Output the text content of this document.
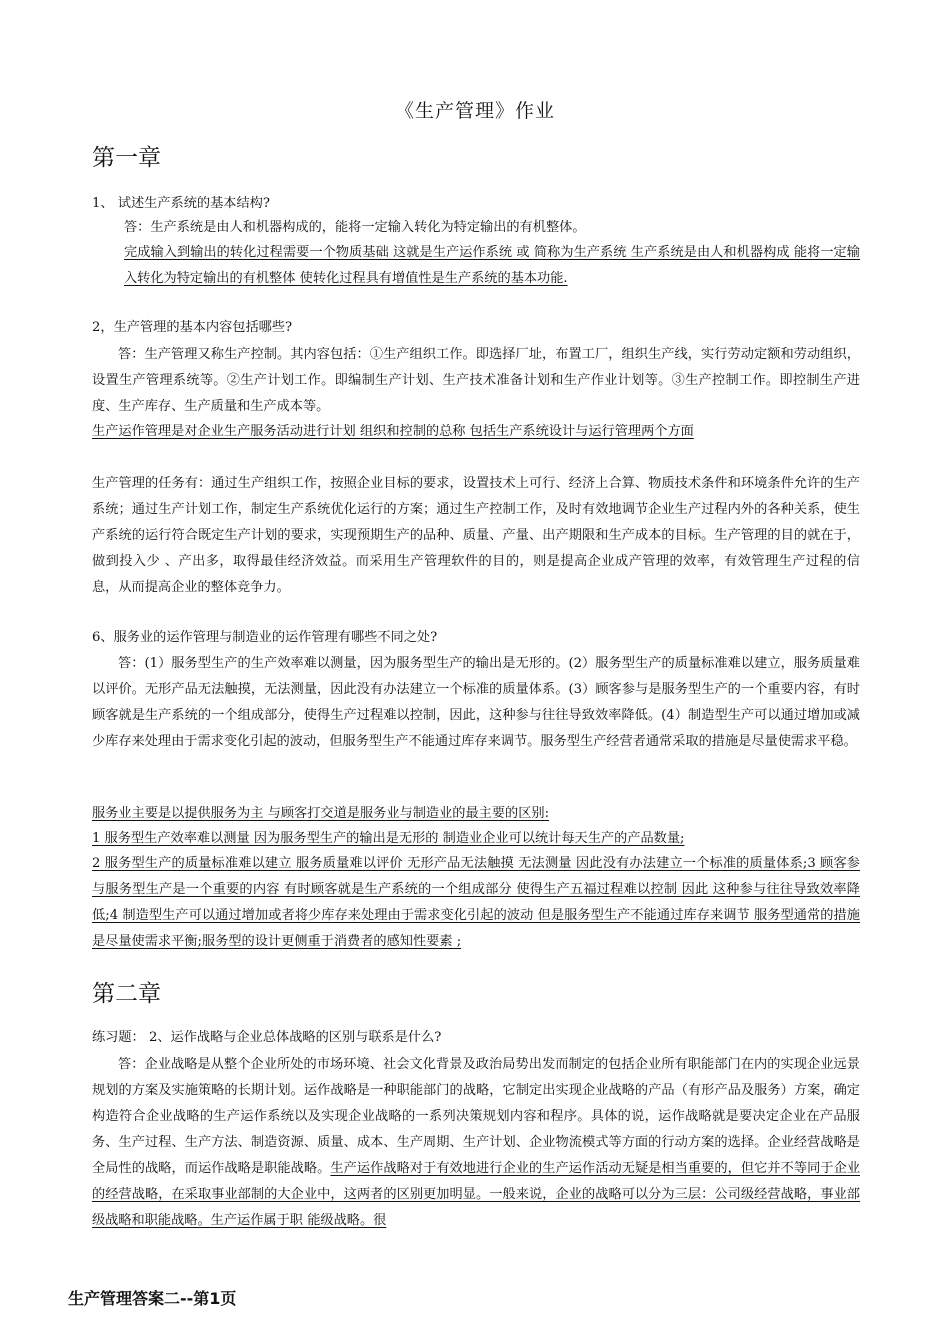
《生产管理》作业
第一章
1、 试述生产系统的基本结构?
答：生产系统是由人和机器构成的，能将一定输入转化为特定输出的有机整体。
完成输入到输出的转化过程需要一个物质基础 这就是生产运作系统 或 简称为生产系统 生产系统是由人和机器构成 能将一定输入转化为特定输出的有机整体 使转化过程具有增值性是生产系统的基本功能.
2，生产管理的基本内容包括哪些?
答：生产管理又称生产控制。其内容包括：①生产组织工作。即选择厂址，布置工厂，组织生产线，实行劳动定额和劳动组织，设置生产管理系统等。②生产计划工作。即编制生产计划、生产技术准备计划和生产作业计划等。③生产控制工作。即控制生产进度、生产库存、生产质量和生产成本等。
生产运作管理是对企业生产服务活动进行计划 组织和控制的总称 包括生产系统设计与运行管理两个方面
生产管理的任务有：通过生产组织工作，按照企业目标的要求，设置技术上可行、经济上合算、物质技术条件和环境条件允许的生产系统；通过生产计划工作，制定生产系统优化运行的方案；通过生产控制工作，及时有效地调节企业生产过程内外的各种关系，使生产系统的运行符合既定生产计划的要求，实现预期生产的品种、质量、产量、出产期限和生产成本的目标。生产管理的目的就在于，做到投入少 、产出多，取得最佳经济效益。而采用生产管理软件的目的，则是提高企业成产管理的效率，有效管理生产过程的信息，从而提高企业的整体竞争力。
6、服务业的运作管理与制造业的运作管理有哪些不同之处?
答：(1）服务型生产的生产效率难以测量，因为服务型生产的输出是无形的。(2）服务型生产的质量标准难以建立，服务质量难以评价。无形产品无法触摸，无法测量，因此没有办法建立一个标准的质量体系。(3）顾客参与是服务型生产的一个重要内容，有时顾客就是生产系统的一个组成部分，使得生产过程难以控制，因此，这种参与往往导致效率降低。(4）制造型生产可以通过增加或减少库存来处理由于需求变化引起的波动，但服务型生产不能通过库存来调节。服务型生产经营者通常采取的措施是尽量使需求平稳。
服务业主要是以提供服务为主 与顾客打交道是服务业与制造业的最主要的区别:
1 服务型生产效率难以测量 因为服务型生产的输出是无形的 制造业企业可以统计每天生产的产品数量;
2 服务型生产的质量标准难以建立 服务质量难以评价 无形产品无法触摸 无法测量 因此没有办法建立一个标准的质量体系;3 顾客参与服务型生产是一个重要的内容 有时顾客就是生产系统的一个组成部分 使得生产五福过程难以控制 因此 这种参与往往导致效率降低;4 制造型生产可以通过增加或者将少库存来处理由于需求变化引起的波动 但是服务型生产不能通过库存来调节 服务型通常的措施是尽量使需求平衡;服务型的设计更侧重于消费者的感知性要素 ;
第二章
练习题： 2、运作战略与企业总体战略的区别与联系是什么?
答：企业战略是从整个企业所处的市场环境、社会文化背景及政治局势出发而制定的包括企业所有职能部门在内的实现企业远景规划的方案及实施策略的长期计划。运作战略是一种职能部门的战略，它制定出实现企业战略的产品（有形产品及服务）方案，确定构造符合企业战略的生产运作系统以及实现企业战略的一系列决策规划内容和程序。具体的说，运作战略就是要决定企业在产品服务、生产过程、生产方法、制造资源、质量、成本、生产周期、生产计划、企业物流模式等方面的行动方案的选择。企业经营战略是全局性的战略，而运作战略是职能战略。生产运作战略对于有效地进行企业的生产运作活动无疑是相当重要的，但它并不等同于企业的经营战略，在采取事业部制的大企业中，这两者的区别更加明显。一般来说，企业的战略可以分为三层：公司级经营战略，事业部级战略和职能战略。生产运作属于职 能级战略。很
生产管理答案二--第1页
